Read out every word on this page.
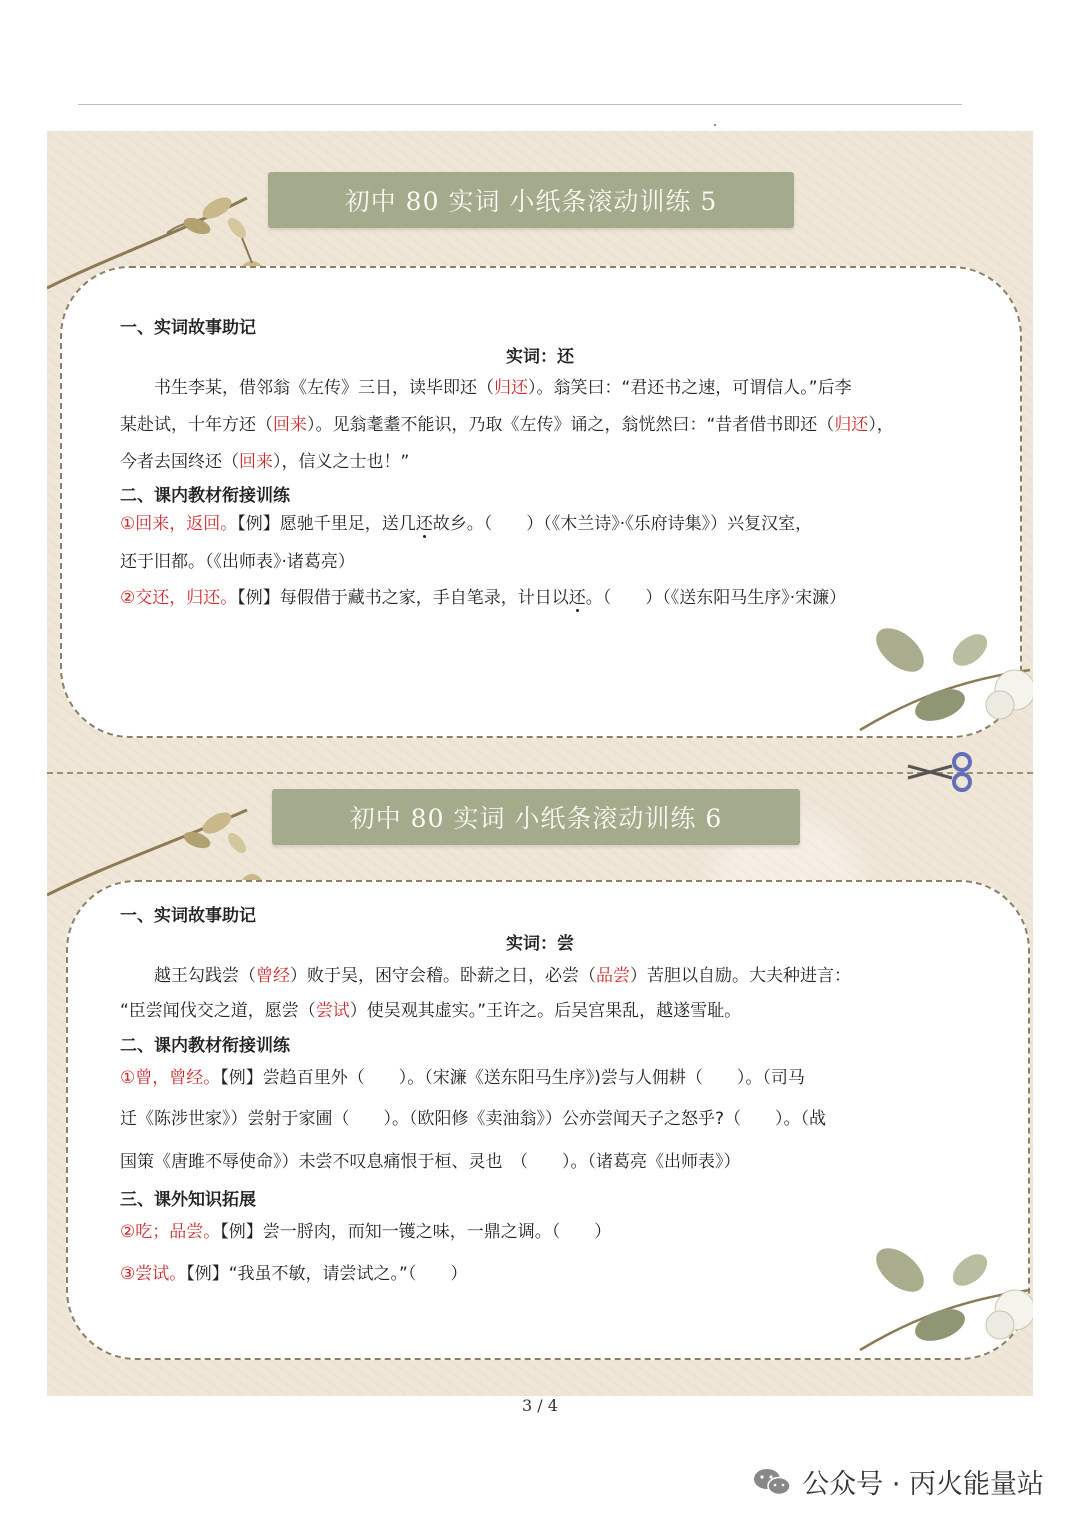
初中 80 实词 小纸条滚动训练 5
一、实词故事助记
实词：还
　　书生李某，借邻翁《左传》三日，读毕即还（归还）。翁笑曰：“君还书之速，可谓信人。”后李
某赴试，十年方还（回来）。见翁耄耋不能识，乃取《左传》诵之，翁恍然曰：“昔者借书即还（归还），
今者去国终还（回来），信义之士也！”
二、课内教材衔接训练
①回来，返回。【例】愿驰千里足，送几还故乡。（　　）（《木兰诗》·《乐府诗集》）兴复汉室，
还于旧都。（《出师表》·诸葛亮）
②交还，归还。【例】每假借于藏书之家，手自笔录，计日以还。（　　）（《送东阳马生序》·宋濂）
初中 80 实词 小纸条滚动训练 6
一、实词故事助记
实词：尝
　　越王勾践尝（曾经）败于吴，困守会稽。卧薪之日，必尝（品尝）苦胆以自励。大夫种进言：
“臣尝闻伐交之道，愿尝（尝试）使吴观其虚实。”王许之。后吴宫果乱，越遂雪耻。
二、课内教材衔接训练
①曾，曾经。【例】尝趋百里外（　　）。（宋濂《送东阳马生序》)尝与人佣耕（　　）。（司马
迁《陈涉世家》）尝射于家圃（　　）。（欧阳修《卖油翁》）公亦尝闻天子之怒乎?（　　）。（战
国策《唐雎不辱使命》）未尝不叹息痛恨于桓、灵也　（　　）。（诸葛亮《出师表》）
三、课外知识拓展
②吃；品尝。【例】尝一脟肉，而知一镬之味，一鼎之调。（　　）
③尝试。【例】“我虽不敏，请尝试之。”（　　）
3 / 4
公众号 · 丙火能量站
